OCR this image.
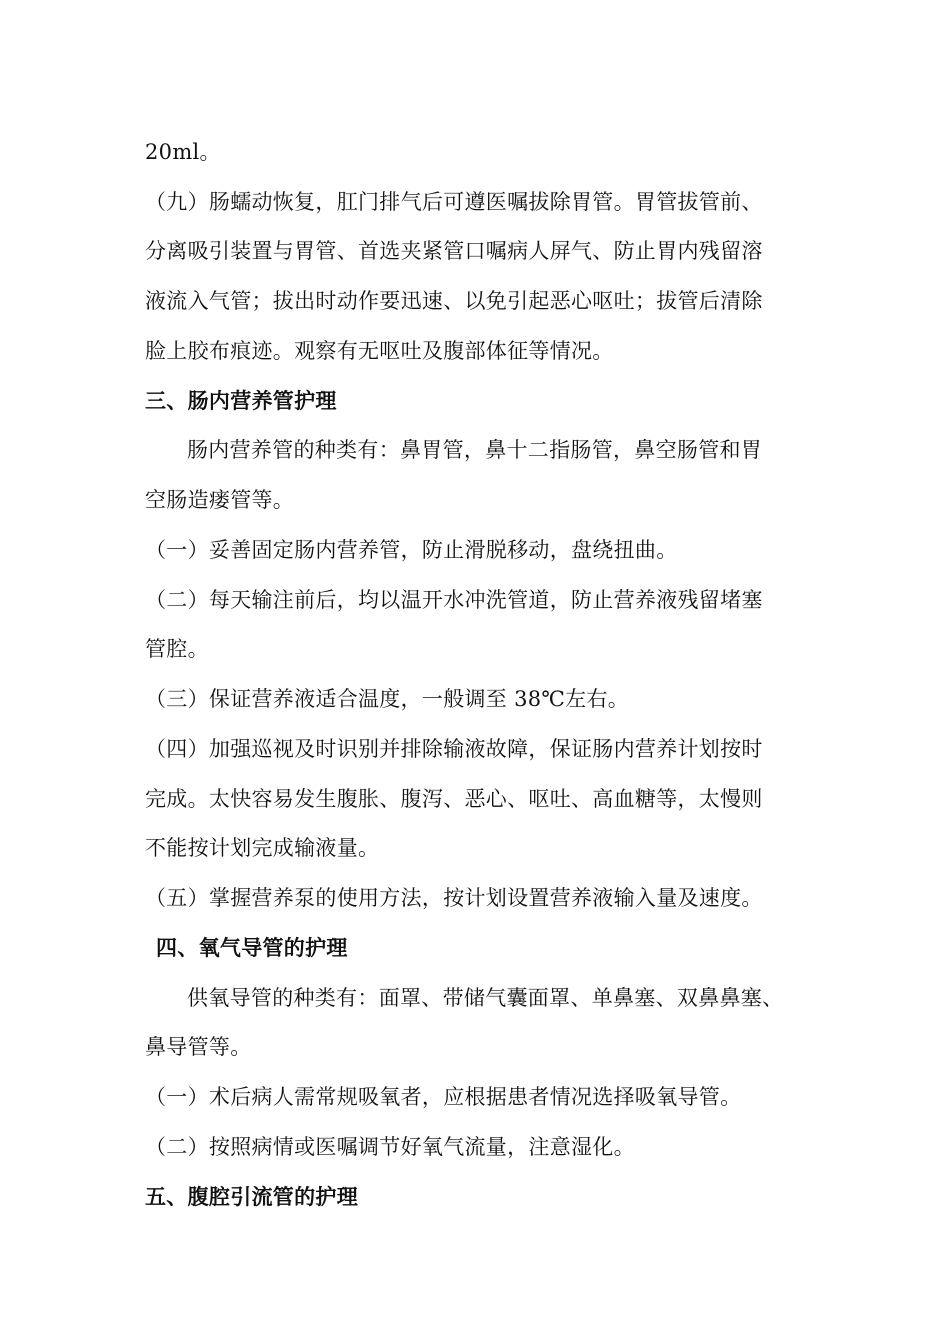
20ml。
（九）肠蠕动恢复，肛门排气后可遵医嘱拔除胃管。胃管拔管前、
分离吸引装置与胃管、首选夹紧管口嘱病人屏气、防止胃内残留溶
液流入气管；拔出时动作要迅速、以免引起恶心呕吐；拔管后清除
脸上胶布痕迹。观察有无呕吐及腹部体征等情况。
三、肠内营养管护理
肠内营养管的种类有：鼻胃管，鼻十二指肠管，鼻空肠管和胃
空肠造瘘管等。
（一）妥善固定肠内营养管，防止滑脱移动，盘绕扭曲。
（二）每天输注前后，均以温开水冲洗管道，防止营养液残留堵塞
管腔。
（三）保证营养液适合温度，一般调至 38℃左右。
（四）加强巡视及时识别并排除输液故障，保证肠内营养计划按时
完成。太快容易发生腹胀、腹泻、恶心、呕吐、高血糖等，太慢则
不能按计划完成输液量。
（五）掌握营养泵的使用方法，按计划设置营养液输入量及速度。
四、氧气导管的护理
供氧导管的种类有：面罩、带储气囊面罩、单鼻塞、双鼻鼻塞、
鼻导管等。
（一）术后病人需常规吸氧者，应根据患者情况选择吸氧导管。
（二）按照病情或医嘱调节好氧气流量，注意湿化。
五、腹腔引流管的护理
